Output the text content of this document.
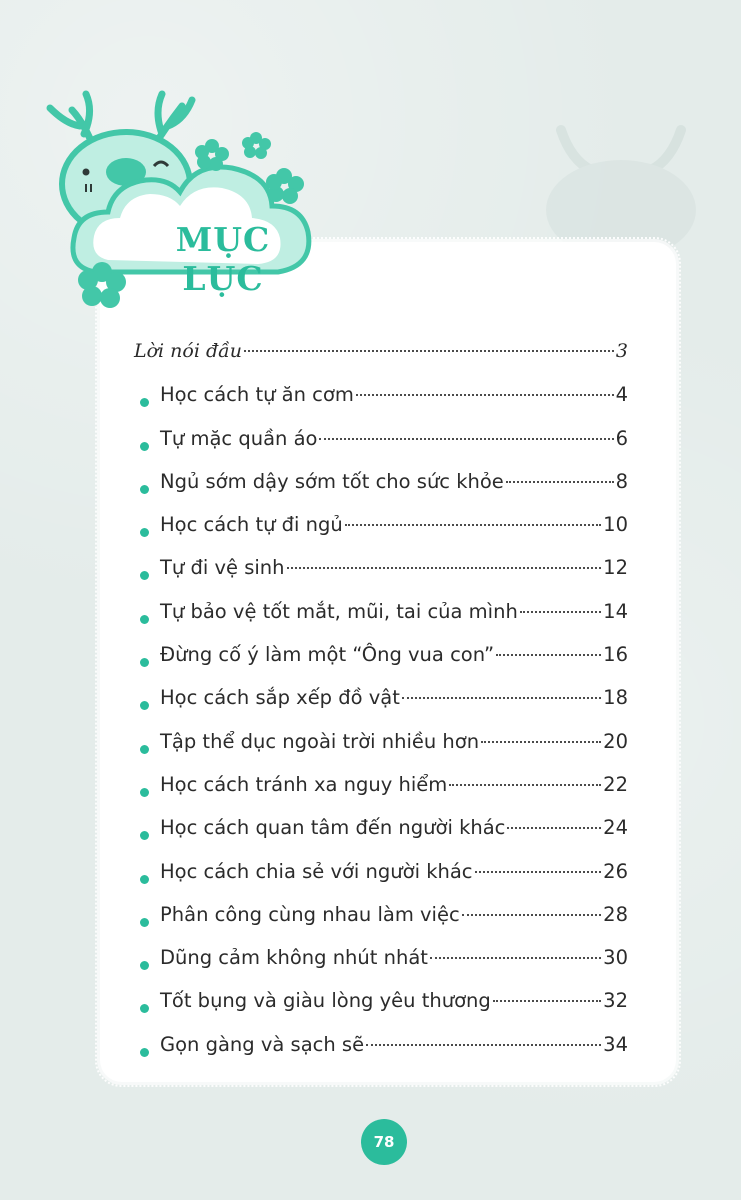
MỤC LỤC
Lời nói đầu	3
Học cách tự ăn cơm	4
Tự mặc quần áo	6
Ngủ sớm dậy sớm tốt cho sức khỏe	8
Học cách tự đi ngủ	10
Tự đi vệ sinh	12
Tự bảo vệ tốt mắt, mũi, tai của mình	14
Đừng cố ý làm một “Ông vua con”	16
Học cách sắp xếp đồ vật	18
Tập thể dục ngoài trời nhiều hơn	20
Học cách tránh xa nguy hiểm	22
Học cách quan tâm đến người khác	24
Học cách chia sẻ với người khác	26
Phân công cùng nhau làm việc	28
Dũng cảm không nhút nhát	30
Tốt bụng và giàu lòng yêu thương	32
Gọn gàng và sạch sẽ	34
78
